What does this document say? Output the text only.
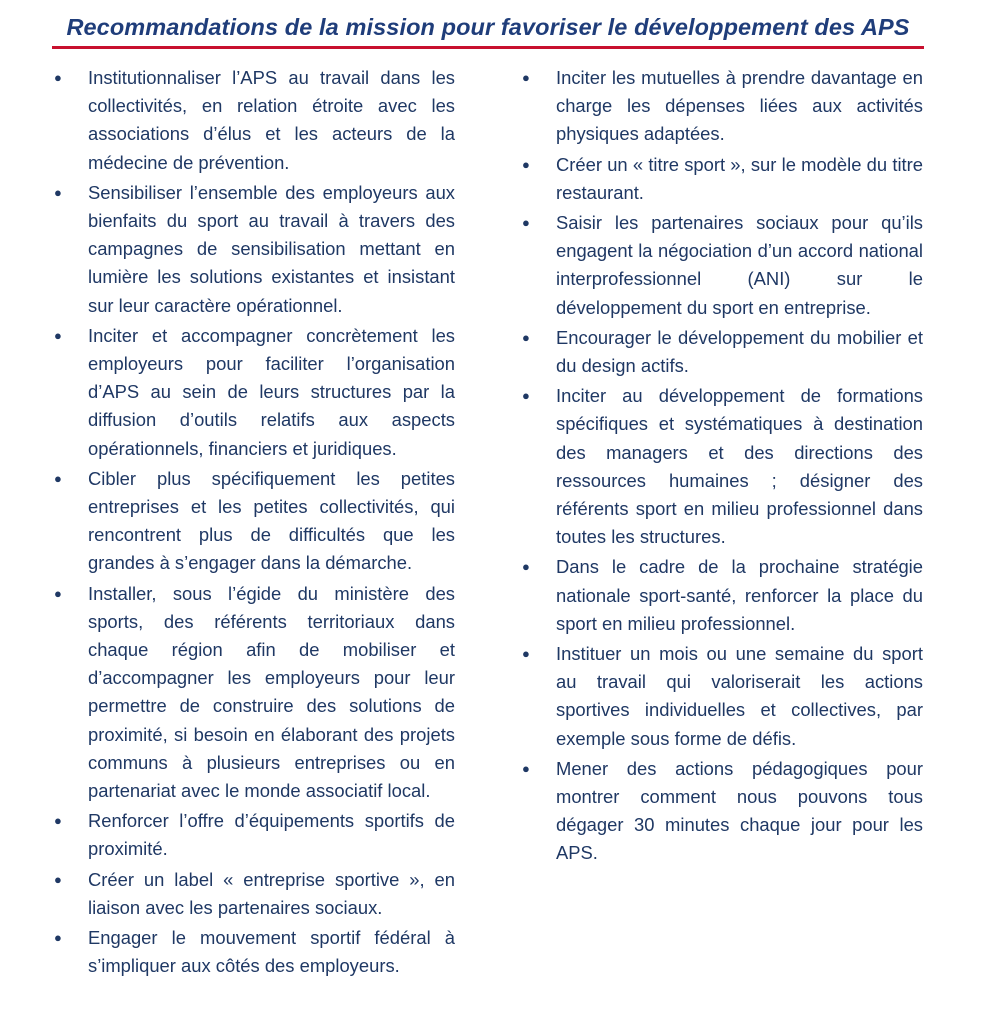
Recommandations de la mission pour favoriser le développement des APS
● Institutionnaliser l’APS au travail dans les collectivités, en relation étroite avec les associations d’élus et les acteurs de la médecine de prévention.
● Sensibiliser l’ensemble des employeurs aux bienfaits du sport au travail à travers des campagnes de sensibilisation mettant en lumière les solutions existantes et insistant sur leur caractère opérationnel.
● Inciter et accompagner concrètement les employeurs pour faciliter l’organisation d’APS au sein de leurs structures par la diffusion d’outils relatifs aux aspects opérationnels, financiers et juridiques.
● Cibler plus spécifiquement les petites entreprises et les petites collectivités, qui rencontrent plus de difficultés que les grandes à s’engager dans la démarche.
● Installer, sous l’égide du ministère des sports, des référents territoriaux dans chaque région afin de mobiliser et d’accompagner les employeurs pour leur permettre de construire des solutions de proximité, si besoin en élaborant des projets communs à plusieurs entreprises ou en partenariat avec le monde associatif local.
● Renforcer l’offre d’équipements sportifs de proximité.
● Créer un label « entreprise sportive », en liaison avec les partenaires sociaux.
● Engager le mouvement sportif fédéral à s’impliquer aux côtés des employeurs.
● Inciter les mutuelles à prendre davantage en charge les dépenses liées aux activités physiques adaptées.
● Créer un « titre sport », sur le modèle du titre restaurant.
● Saisir les partenaires sociaux pour qu’ils engagent la négociation d’un accord national interprofessionnel (ANI) sur le développement du sport en entreprise.
● Encourager le développement du mobilier et du design actifs.
● Inciter au développement de formations spécifiques et systématiques à destination des managers et des directions des ressources humaines ; désigner des référents sport en milieu professionnel dans toutes les structures.
● Dans le cadre de la prochaine stratégie nationale sport-santé, renforcer la place du sport en milieu professionnel.
● Instituer un mois ou une semaine du sport au travail qui valoriserait les actions sportives individuelles et collectives, par exemple sous forme de défis.
● Mener des actions pédagogiques pour montrer comment nous pouvons tous dégager 30 minutes chaque jour pour les APS.
